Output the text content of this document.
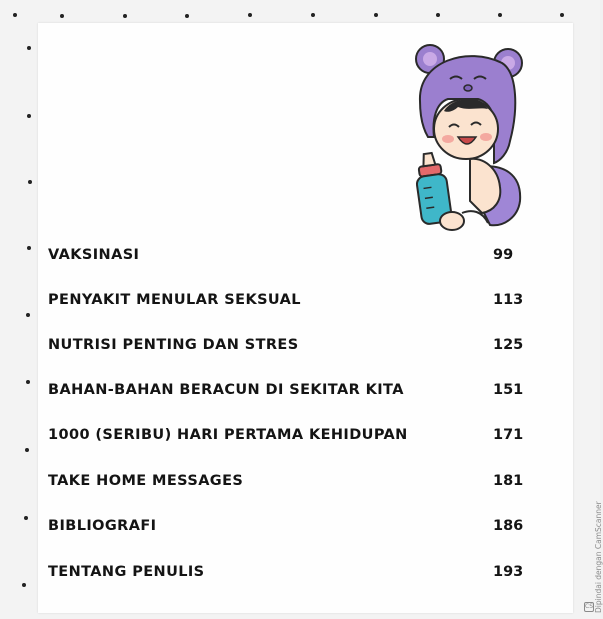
VAKSINASI	99
PENYAKIT MENULAR SEKSUAL	113
NUTRISI PENTING DAN STRES	125
BAHAN-BAHAN BERACUN DI SEKITAR KITA	151
1000 (SERIBU) HARI PERTAMA KEHIDUPAN	171
TAKE HOME MESSAGES	181
BIBLIOGRAFI	186
TENTANG PENULIS	193	Dipindai dengan CamScanner
CS
